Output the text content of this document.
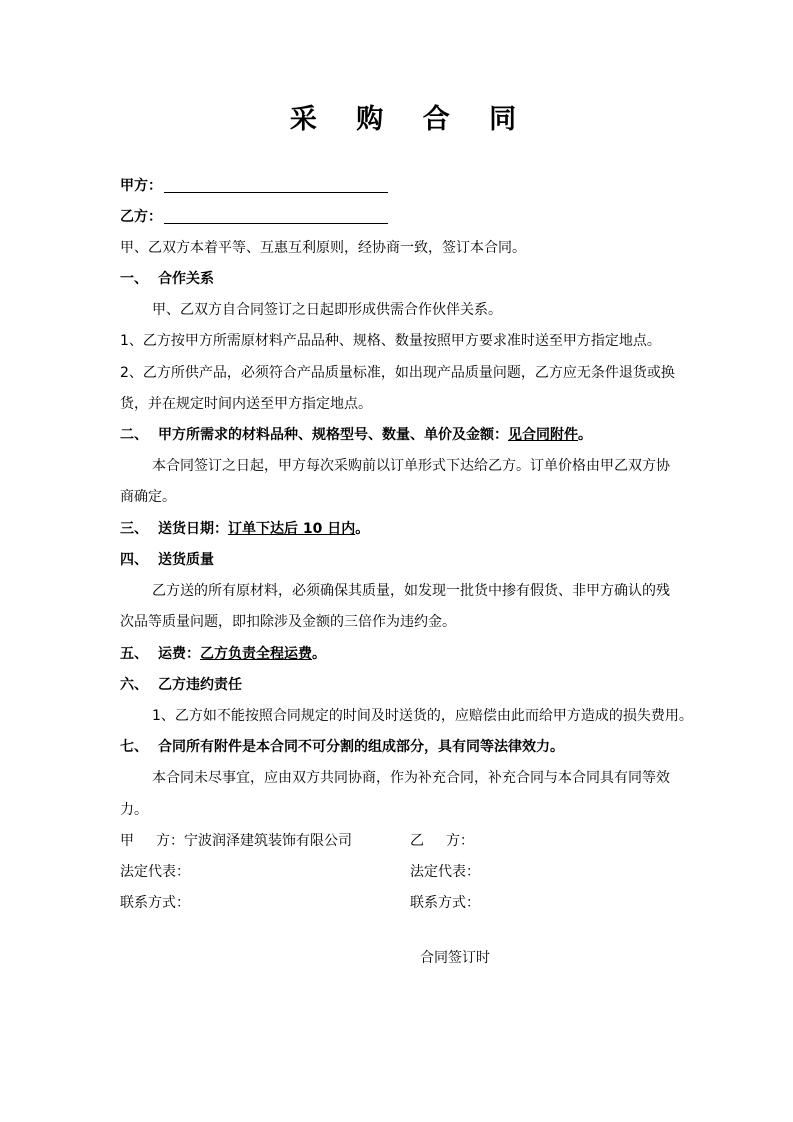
采 购 合 同
甲方：
乙方：
甲、乙双方本着平等、互惠互利原则，经协商一致，签订本合同。
一、 合作关系
甲、乙双方自合同签订之日起即形成供需合作伙伴关系。
1、乙方按甲方所需原材料产品品种、规格、数量按照甲方要求准时送至甲方指定地点。
2、乙方所供产品，必须符合产品质量标准，如出现产品质量问题，乙方应无条件退货或换
货，并在规定时间内送至甲方指定地点。
二、 甲方所需求的材料品种、规格型号、数量、单价及金额：见合同附件。
本合同签订之日起，甲方每次采购前以订单形式下达给乙方。订单价格由甲乙双方协
商确定。
三、 送货日期：订单下达后 10 日内。
四、 送货质量
乙方送的所有原材料，必须确保其质量，如发现一批货中掺有假货、非甲方确认的残
次品等质量问题，即扣除涉及金额的三倍作为违约金。
五、 运费：乙方负责全程运费。
六、 乙方违约责任
1、乙方如不能按照合同规定的时间及时送货的，应赔偿由此而给甲方造成的损失费用。
七、 合同所有附件是本合同不可分割的组成部分，具有同等法律效力。
本合同未尽事宜，应由双方共同协商，作为补充合同，补充合同与本合同具有同等效
力。
甲 方：宁波润泽建筑装饰有限公司	乙 方：
法定代表：	法定代表：
联系方式：	联系方式：
合同签订时
